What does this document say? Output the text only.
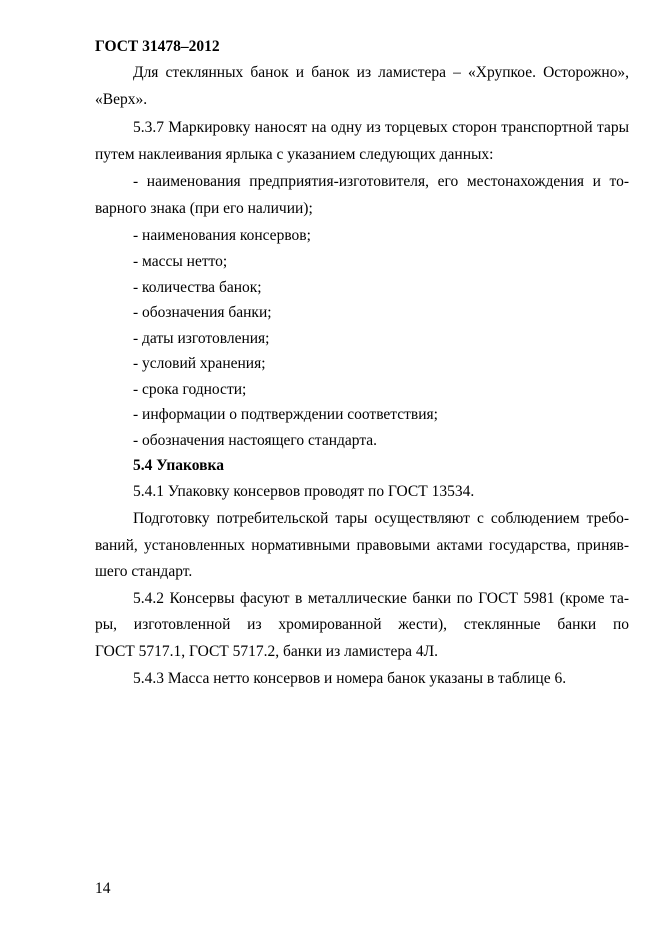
ГОСТ 31478–2012
Для стеклянных банок и банок из ламистера – «Хрупкое. Осторожно»,
«Верх».
5.3.7 Маркировку наносят на одну из торцевых сторон транспортной тары
путем наклеивания ярлыка с указанием следующих данных:
- наименования предприятия-изготовителя, его местонахождения и то-
варного знака (при его наличии);
- наименования консервов;
- массы нетто;
- количества банок;
- обозначения банки;
- даты изготовления;
- условий хранения;
- срока годности;
- информации о подтверждении соответствия;
- обозначения настоящего стандарта.
5.4 Упаковка
5.4.1 Упаковку консервов проводят по ГОСТ 13534.
Подготовку потребительской тары осуществляют с соблюдением требо-
ваний, установленных нормативными правовыми актами государства, приняв-
шего стандарт.
5.4.2 Консервы фасуют в металлические банки по ГОСТ 5981 (кроме та-
ры, изготовленной из хромированной жести), стеклянные банки по
ГОСТ 5717.1, ГОСТ 5717.2, банки из ламистера 4Л.
5.4.3 Масса нетто консервов и номера банок указаны в таблице 6.
14
